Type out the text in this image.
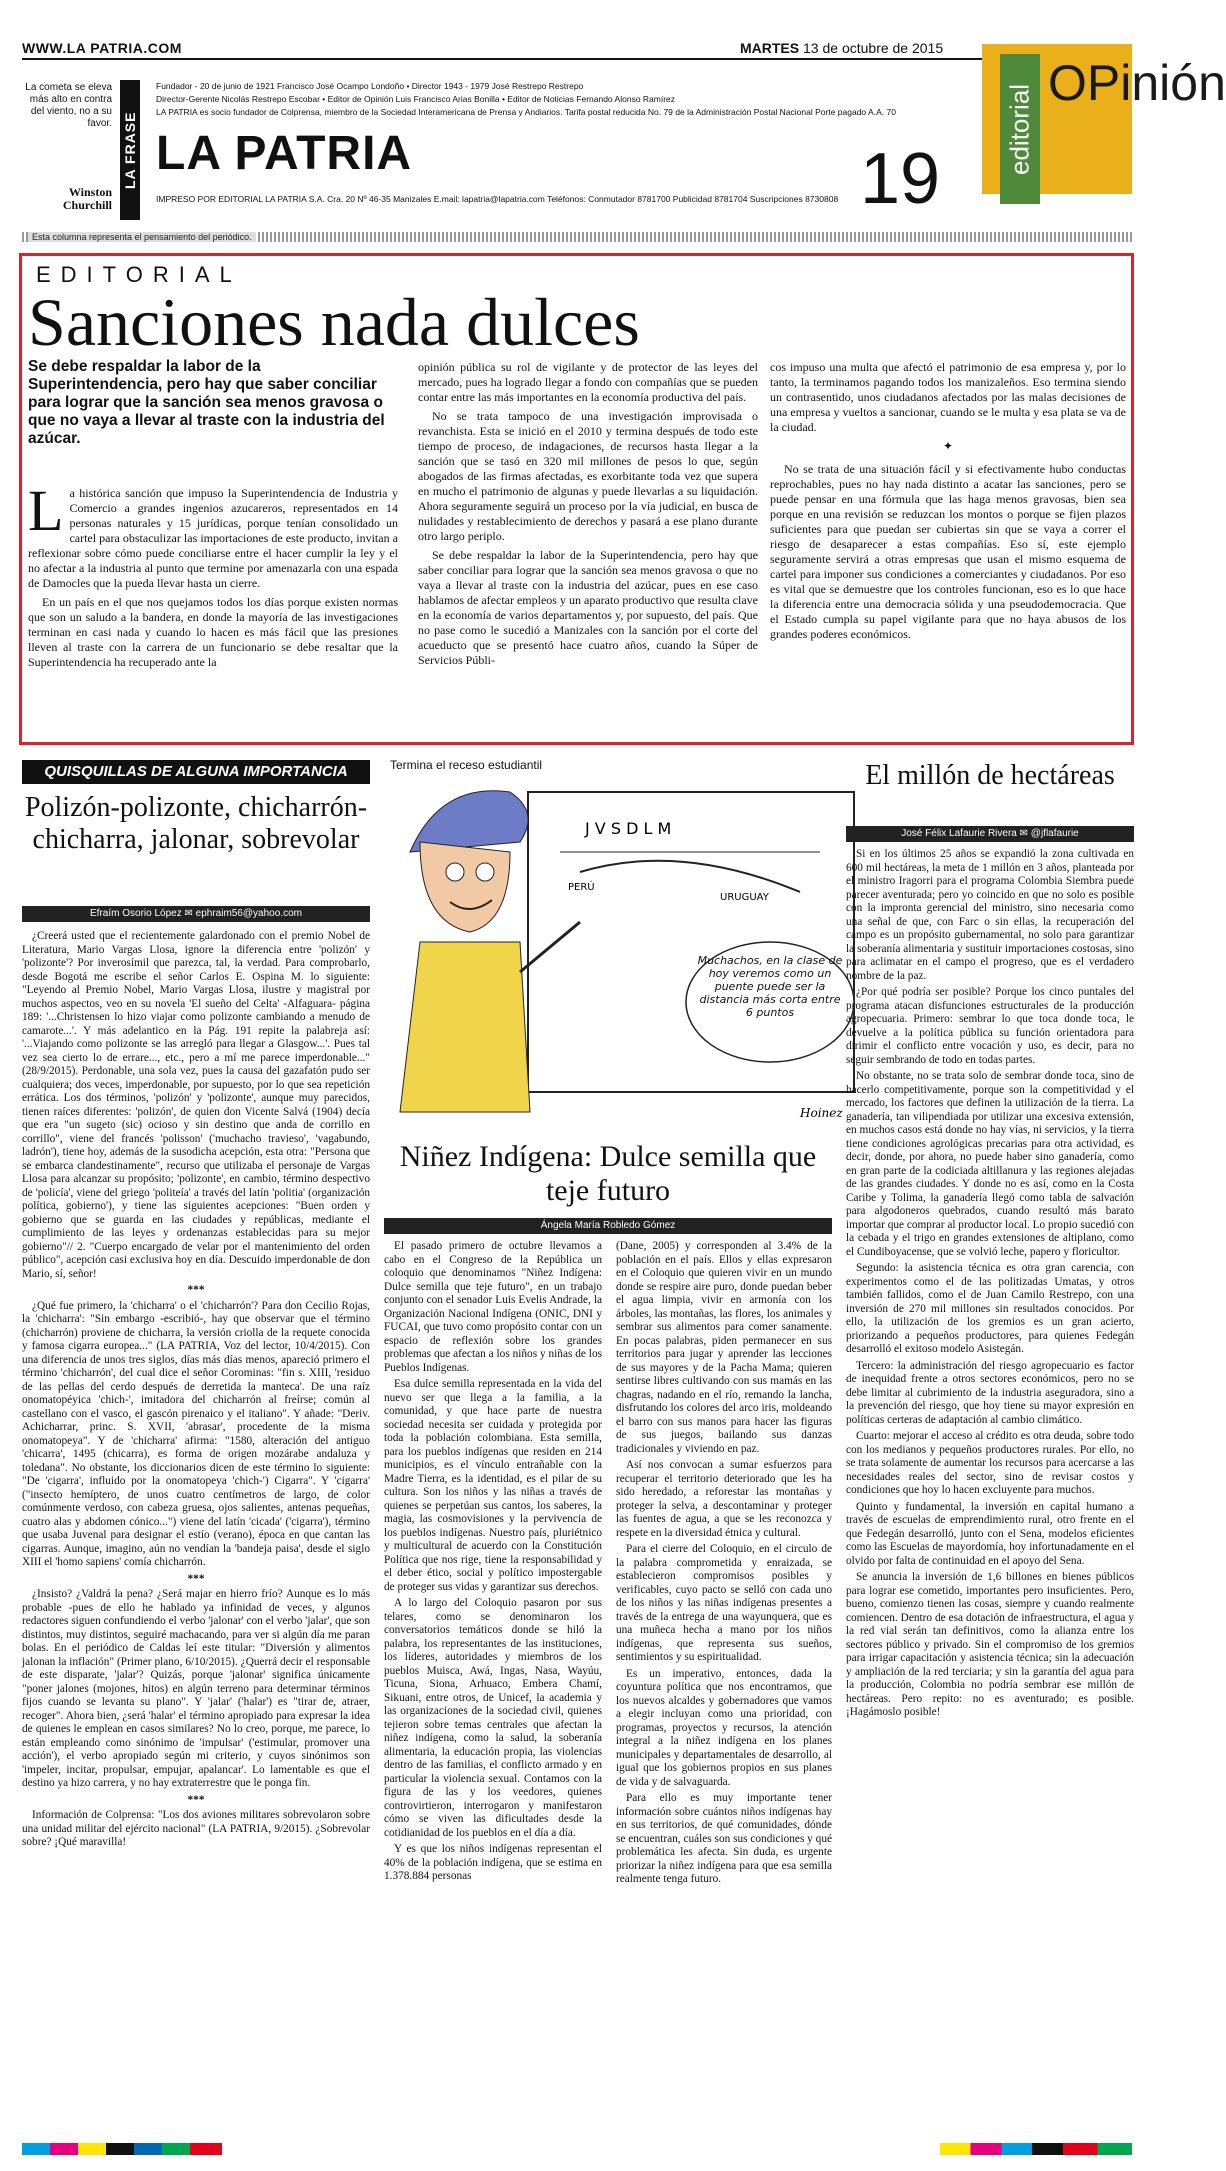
WWW.LA PATRIA.COM	MARTES 13 de octubre de 2015
La cometa se eleva más alto en contra del viento, no a su favor.
Winston Churchill
LA FRASE
Fundador - 20 de junio de 1921 Francisco José Ocampo Londoño • Director 1943 - 1979 José Restrepo Restrepo
Director-Gerente Nicolás Restrepo Escobar • Editor de Opinión Luis Francisco Arias Bonilla • Editor de Noticias Fernando Alonso Ramírez
LA PATRIA es socio fundador de Colprensa, miembro de la Sociedad Interamericana de Prensa y Andiarios. Tarifa postal reducida No. 79 de la Administración Postal Nacional Porte pagado A.A. 70
LA PATRIA	19
IMPRESO POR EDITORIAL LA PATRIA S.A. Cra. 20 Nº 46-35 Manizales E.mail: lapatria@lapatria.com Teléfonos: Conmutador 8781700 Publicidad 8781704 Suscripciones 8730808
editorial
OPinión
Esta columna representa el pensamiento del periódico.
EDITORIAL
Sanciones nada dulces
Se debe respaldar la labor de la Superintendencia, pero hay que saber conciliar para lograr que la sanción sea menos gravosa o que no vaya a llevar al traste con la industria del azúcar.

La histórica sanción que impuso la Superintendencia de Industria y Comercio a grandes ingenios azucareros, representados en 14 personas naturales y 15 jurídicas, porque tenían consolidado un cartel para obstaculizar las importaciones de este producto, invitan a reflexionar sobre cómo puede conciliarse entre el hacer cumplir la ley y el no afectar a la industria al punto que termine por amenazarla con una espada de Damocles que la pueda llevar hasta un cierre.

En un país en el que nos quejamos todos los días porque existen normas que son un saludo a la bandera, en donde la mayoría de las investigaciones terminan en casi nada y cuando lo hacen es más fácil que las presiones lleven al traste con la carrera de un funcionario se debe resaltar que la Superintendencia ha recuperado ante la

opinión pública su rol de vigilante y de protector de las leyes del mercado, pues ha logrado llegar a fondo con compañías que se pueden contar entre las más importantes en la economía productiva del país.

No se trata tampoco de una investigación improvisada o revanchista. Esta se inició en el 2010 y termina después de todo este tiempo de proceso, de indagaciones, de recursos hasta llegar a la sanción que se tasó en 320 mil millones de pesos lo que, según abogados de las firmas afectadas, es exorbitante toda vez que supera en mucho el patrimonio de algunas y puede llevarlas a su liquidación. Ahora seguramente seguirá un proceso por la vía judicial, en busca de nulidades y restablecimiento de derechos y pasará a ese plano durante otro largo periplo.

Se debe respaldar la labor de la Superintendencia, pero hay que saber conciliar para lograr que la sanción sea menos gravosa o que no vaya a llevar al traste con la industria del azúcar, pues en ese caso hablamos de afectar empleos y un aparato productivo que resulta clave en la economía de varios departamentos y, por supuesto, del país. Que no pase como le sucedió a Manizales con la sanción por el corte del acueducto que se presentó hace cuatro años, cuando la Súper de Servicios Públi-

cos impuso una multa que afectó el patrimonio de esa empresa y, por lo tanto, la terminamos pagando todos los manizaleños. Eso termina siendo un contrasentido, unos ciudadanos afectados por las malas decisiones de una empresa y vueltos a sancionar, cuando se le multa y esa plata se va de la ciudad.

✦

No se trata de una situación fácil y si efectivamente hubo conductas reprochables, pues no hay nada distinto a acatar las sanciones, pero se puede pensar en una fórmula que las haga menos gravosas, bien sea porque en una revisión se reduzcan los montos o porque se fijen plazos suficientes para que puedan ser cubiertas sin que se vaya a correr el riesgo de desaparecer a estas compañías. Eso sí, este ejemplo seguramente servirá a otras empresas que usan el mismo esquema de cartel para imponer sus condiciones a comerciantes y ciudadanos. Por eso es vital que se demuestre que los controles funcionan, eso es lo que hace la diferencia entre una democracia sólida y una pseudodemocracia. Que el Estado cumpla su papel vigilante para que no haya abusos de los grandes poderes económicos.

QUISQUILLAS DE ALGUNA IMPORTANCIA
Polizón-polizonte, chicharrón-chicharra, jalonar, sobrevolar
Efraím Osorio López ✉ ephraim56@yahoo.com

¿Creerá usted que el recientemente galardonado con el premio Nobel de Literatura, Mario Vargas Llosa, ignore la diferencia entre 'polizón' y 'polizonte'? Por inverosímil que parezca, tal, la verdad. Para comprobarlo, desde Bogotá me escribe el señor Carlos E. Ospina M. lo siguiente: "Leyendo al Premio Nobel, Mario Vargas Llosa, ilustre y magistral por muchos aspectos, veo en su novela 'El sueño del Celta' -Alfaguara- página 189: '...Christensen lo hizo viajar como polizonte cambiando a menudo de camarote...'. Y más adelantico en la Pág. 191 repite la palabreja así: '...Viajando como polizonte se las arregló para llegar a Glasgow...'. Pues tal vez sea cierto lo de errare..., etc., pero a mí me parece imperdonable..." (28/9/2015). Perdonable, una sola vez, pues la causa del gazafatón pudo ser cualquiera; dos veces, imperdonable, por supuesto, por lo que sea repetición errática. Los dos términos, 'polizón' y 'polizonte', aunque muy parecidos, tienen raíces diferentes: 'polizón', de quien don Vicente Salvá (1904) decía que era "un sugeto (sic) ocioso y sin destino que anda de corrillo en corrillo", viene del francés 'polisson' ('muchacho travieso', 'vagabundo, ladrón'), tiene hoy, además de la susodicha acepción, esta otra: "Persona que se embarca clandestinamente", recurso que utilizaba el personaje de Vargas Llosa para alcanzar su propósito; 'polizonte', en cambio, término despectivo de 'policía', viene del griego 'politeía' a través del latín 'politia' (organización política, gobierno'), y tiene las siguientes acepciones: "Buen orden y gobierno que se guarda en las ciudades y repúblicas, mediante el cumplimiento de las leyes y ordenanzas establecidas para su mejor gobierno"// 2. "Cuerpo encargado de velar por el mantenimiento del orden público", acepción casi exclusiva hoy en día. Descuido imperdonable de don Mario, sí, señor!

***

¿Qué fue primero, la 'chicharra' o el 'chicharrón'? Para don Cecilio Rojas, la 'chicharra': "Sin embargo -escribió-, hay que observar que el término (chicharrón) proviene de chicharra, la versión criolla de la requete conocida y famosa cigarra europea..." (LA PATRIA, Voz del lector, 10/4/2015). Con una diferencia de unos tres siglos, días más días menos, apareció primero el término 'chicharrón', del cual dice el señor Corominas: "fin s. XIII, 'residuo de las pellas del cerdo después de derretida la manteca'. De una raíz onomatopéyica 'chich-', imitadora del chicharrón al freírse; común al castellano con el vasco, el gascón pirenaico y el italiano". Y añade: "Deriv. Achicharrar, princ. S. XVII, 'abrasar', procedente de la misma onomatopeya". Y de 'chicharra' afirma: "1580, alteración del antiguo 'chicarra', 1495 (chicarra), es forma de origen mozárabe andaluza y toledana". No obstante, los diccionarios dicen de este término lo siguiente: "De 'cigarra', influido por la onomatopeya 'chich-') Cigarra". Y 'cigarra' ("insecto hemíptero, de unos cuatro centímetros de largo, de color comúnmente verdoso, con cabeza gruesa, ojos salientes, antenas pequeñas, cuatro alas y abdomen cónico...") viene del latín 'cicada' ('cigarra'), término que usaba Juvenal para designar el estío (verano), época en que cantan las cigarras. Aunque, imagino, aún no vendían la 'bandeja paisa', desde el siglo XIII el 'homo sapiens' comía chicharrón.

***

¿Insisto? ¿Valdrá la pena? ¿Será majar en hierro frío? Aunque es lo más probable -pues de ello he hablado ya infinidad de veces, y algunos redactores siguen confundiendo el verbo 'jalonar' con el verbo 'jalar', que son distintos, muy distintos, seguiré machacando, para ver si algún día me paran bolas. En el periódico de Caldas leí este titular: "Diversión y alimentos jalonan la inflación" (Primer plano, 6/10/2015). ¿Querrá decir el responsable de este disparate, 'jalar'? Quizás, porque 'jalonar' significa únicamente "poner jalones (mojones, hitos) en algún terreno para determinar términos fijos cuando se levanta su plano". Y 'jalar' ('halar') es "tirar de, atraer, recoger". Ahora bien, ¿será 'halar' el término apropiado para expresar la idea de quienes le emplean en casos similares? No lo creo, porque, me parece, lo están empleando como sinónimo de 'impulsar' ('estimular, promover una acción'), el verbo apropiado según mi criterio, y cuyos sinónimos son 'impeler, incitar, propulsar, empujar, apalancar'. Lo lamentable es que el destino ya hizo carrera, y no hay extraterrestre que le ponga fin.

***

Información de Colprensa: "Los dos aviones militares sobrevolaron sobre una unidad militar del ejército nacional" (LA PATRIA, 9/2015). ¿Sobrevolar sobre? ¡Qué maravilla!

Termina el receso estudiantil
J V S D L M
PERÚ
URUGUAY
Muchachos, en la clase de hoy veremos como un puente puede ser la distancia más corta entre 6 puntos
Hoinez
Niñez Indígena: Dulce semilla que teje futuro
Ángela María Robledo Gómez

El pasado primero de octubre llevamos a cabo en el Congreso de la República un coloquio que denominamos "Niñez Indígena: Dulce semilla que teje futuro", en un trabajo conjunto con el senador Luis Evelis Andrade, la Organización Nacional Indígena (ONIC, DNI y FUCAI, que tuvo como propósito contar con un espacio de reflexión sobre los grandes problemas que afectan a los niños y niñas de los Pueblos Indígenas.

Esa dulce semilla representada en la vida del nuevo ser que llega a la familia, a la comunidad, y que hace parte de nuestra sociedad necesita ser cuidada y protegida por toda la población colombiana. Esta semilla, para los pueblos indígenas que residen en 214 municipios, es el vínculo entrañable con la Madre Tierra, es la identidad, es el pilar de su cultura. Son los niños y las niñas a través de quienes se perpetúan sus cantos, los saberes, la magia, las cosmovisiones y la pervivencia de los pueblos indígenas. Nuestro país, pluriétnico y multicultural de acuerdo con la Constitución Política que nos rige, tiene la responsabilidad y el deber ético, social y político impostergable de proteger sus vidas y garantizar sus derechos.

A lo largo del Coloquio pasaron por sus telares, como se denominaron los conversatorios temáticos donde se hiló la palabra, los representantes de las instituciones, los líderes, autoridades y miembros de los pueblos Muisca, Awá, Ingas, Nasa, Wayúu, Ticuna, Siona, Arhuaco, Embera Chamí, Sikuani, entre otros, de Unicef, la academia y las organizaciones de la sociedad civil, quienes tejieron sobre temas centrales que afectan la niñez indígena, como la salud, la soberanía alimentaria, la educación propia, las violencias dentro de las familias, el conflicto armado y en particular la violencia sexual. Contamos con la figura de las y los veedores, quienes controvirtieron, interrogaron y manifestaron cómo se viven las dificultades desde la cotidianidad de los pueblos en el día a día.

Y es que los niños indígenas representan el 40% de la población indígena, que se estima en 1.378.884 personas

(Dane, 2005) y corresponden al 3.4% de la población en el país. Ellos y ellas expresaron en el Coloquio que quieren vivir en un mundo donde se respire aire puro, donde puedan beber el agua limpia, vivir en armonía con los árboles, las montañas, las flores, los animales y sembrar sus alimentos para comer sanamente. En pocas palabras, piden permanecer en sus territorios para jugar y aprender las lecciones de sus mayores y de la Pacha Mama; quieren sentirse libres cultivando con sus mamás en las chagras, nadando en el río, remando la lancha, disfrutando los colores del arco iris, moldeando el barro con sus manos para hacer las figuras de sus juegos, bailando sus danzas tradicionales y viviendo en paz.

Así nos convocan a sumar esfuerzos para recuperar el territorio deteriorado que les ha sido heredado, a reforestar las montañas y proteger la selva, a descontaminar y proteger las fuentes de agua, a que se les reconozca y respete en la diversidad étnica y cultural.

Para el cierre del Coloquio, en el circulo de la palabra comprometida y enraizada, se establecieron compromisos posibles y verificables, cuyo pacto se selló con cada uno de los niños y las niñas indígenas presentes a través de la entrega de una wayunquera, que es una muñeca hecha a mano por los niños indígenas, que representa sus sueños, sentimientos y su espiritualidad.

Es un imperativo, entonces, dada la coyuntura política que nos encontramos, que los nuevos alcaldes y gobernadores que vamos a elegir incluyan como una prioridad, con programas, proyectos y recursos, la atención integral a la niñez indígena en los planes municipales y departamentales de desarrollo, al igual que los gobiernos propios en sus planes de vida y de salvaguarda.

Para ello es muy importante tener información sobre cuántos niños indígenas hay en sus territorios, de qué comunidades, dónde se encuentran, cuáles son sus condiciones y qué problemática les afecta. Sin duda, es urgente priorizar la niñez indígena para que esa semilla realmente tenga futuro.

El millón de hectáreas
José Félix Lafaurie Rivera ✉ @jflafaurie

Si en los últimos 25 años se expandió la zona cultivada en 600 mil hectáreas, la meta de 1 millón en 3 años, planteada por el ministro Iragorri para el programa Colombia Siembra puede parecer aventurada; pero yo coincido en que no solo es posible con la impronta gerencial del ministro, sino necesaria como una señal de que, con Farc o sin ellas, la recuperación del campo es un propósito gubernamental, no solo para garantizar la soberanía alimentaria y sustituir importaciones costosas, sino para aclimatar en el campo el progreso, que es el verdadero nombre de la paz.

¿Por qué podría ser posible? Porque los cinco puntales del programa atacan disfunciones estructurales de la producción agropecuaria. Primero: sembrar lo que toca donde toca, le devuelve a la política pública su función orientadora para dirimir el conflicto entre vocación y uso, es decir, para no seguir sembrando de todo en todas partes.

No obstante, no se trata solo de sembrar donde toca, sino de hacerlo competitivamente, porque son la competitividad y el mercado, los factores que definen la utilización de la tierra. La ganadería, tan vilipendiada por utilizar una excesiva extensión, en muchos casos está donde no hay vías, ni servicios, y la tierra tiene condiciones agrológicas precarias para otra actividad, es decir, donde, por ahora, no puede haber sino ganadería, como en gran parte de la codiciada altillanura y las regiones alejadas de las grandes ciudades. Y donde no es así, como en la Costa Caribe y Tolima, la ganadería llegó como tabla de salvación para algodoneros quebrados, cuando resultó más barato importar que comprar al productor local. Lo propio sucedió con la cebada y el trigo en grandes extensiones de altiplano, como el Cundiboyacense, que se volvió leche, papero y floricultor.

Segundo: la asistencia técnica es otra gran carencia, con experimentos como el de las politizadas Umatas, y otros también fallidos, como el de Juan Camilo Restrepo, con una inversión de 270 mil millones sin resultados conocidos. Por ello, la utilización de los gremios es un gran acierto, priorizando a pequeños productores, para quienes Fedegán desarrolló el exitoso modelo Asistegán.

Tercero: la administración del riesgo agropecuario es factor de inequidad frente a otros sectores económicos, pero no se debe limitar al cubrimiento de la industria aseguradora, sino a la prevención del riesgo, que hoy tiene su mayor expresión en políticas certeras de adaptación al cambio climático.

Cuarto: mejorar el acceso al crédito es otra deuda, sobre todo con los medianos y pequeños productores rurales. Por ello, no se trata solamente de aumentar los recursos para acercarse a las necesidades reales del sector, sino de revisar costos y condiciones que hoy lo hacen excluyente para muchos.

Quinto y fundamental, la inversión en capital humano a través de escuelas de emprendimiento rural, otro frente en el que Fedegán desarrolló, junto con el Sena, modelos eficientes como las Escuelas de mayordomía, hoy infortunadamente en el olvido por falta de continuidad en el apoyo del Sena.

Se anuncia la inversión de 1,6 billones en bienes públicos para lograr ese cometido, importantes pero insuficientes. Pero, bueno, comienzo tienen las cosas, siempre y cuando realmente comiencen. Dentro de esa dotación de infraestructura, el agua y la red vial serán tan definitivos, como la alianza entre los sectores público y privado. Sin el compromiso de los gremios para irrigar capacitación y asistencia técnica; sin la adecuación y ampliación de la red terciaria; y sin la garantía del agua para la producción, Colombia no podría sembrar ese millón de hectáreas. Pero repito: no es aventurado; es posible. ¡Hagámoslo posible!
